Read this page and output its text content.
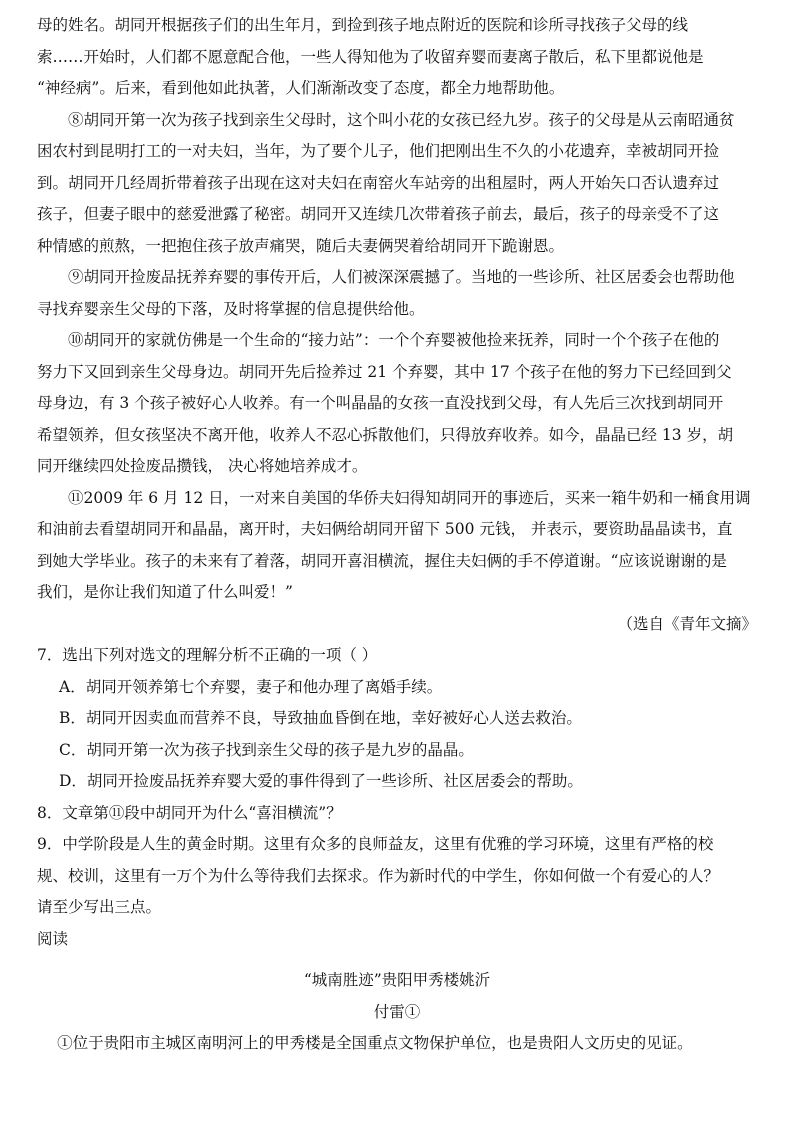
母的姓名。胡同开根据孩子们的出生年月，到捡到孩子地点附近的医院和诊所寻找孩子父母的线
索……开始时，人们都不愿意配合他，一些人得知他为了收留弃婴而妻离子散后，私下里都说他是
“神经病”。后来，看到他如此执著，人们渐渐改变了态度，都全力地帮助他。
⑧胡同开第一次为孩子找到亲生父母时，这个叫小花的女孩已经九岁。孩子的父母是从云南昭通贫
困农村到昆明打工的一对夫妇，当年，为了要个儿子，他们把刚出生不久的小花遗弃，幸被胡同开捡
到。胡同开几经周折带着孩子出现在这对夫妇在南窑火车站旁的出租屋时，两人开始矢口否认遗弃过
孩子，但妻子眼中的慈爱泄露了秘密。胡同开又连续几次带着孩子前去，最后，孩子的母亲受不了这
种情感的煎熬，一把抱住孩子放声痛哭，随后夫妻俩哭着给胡同开下跪谢恩。
⑨胡同开捡废品抚养弃婴的事传开后，人们被深深震撼了。当地的一些诊所、社区居委会也帮助他
寻找弃婴亲生父母的下落，及时将掌握的信息提供给他。
⑩胡同开的家就仿佛是一个生命的“接力站”：一个个弃婴被他捡来抚养，同时一个个孩子在他的
努力下又回到亲生父母身边。胡同开先后捡养过 21 个弃婴，其中 17 个孩子在他的努力下已经回到父
母身边，有 3 个孩子被好心人收养。有一个叫晶晶的女孩一直没找到父母，有人先后三次找到胡同开
希望领养，但女孩坚决不离开他，收养人不忍心拆散他们，只得放弃收养。如今，晶晶已经 13 岁，胡
同开继续四处捡废品攒钱， 决心将她培养成才。
⑪2009 年 6 月 12 日，一对来自美国的华侨夫妇得知胡同开的事迹后，买来一箱牛奶和一桶食用调
和油前去看望胡同开和晶晶，离开时，夫妇俩给胡同开留下 500 元钱， 并表示，要资助晶晶读书，直
到她大学毕业。孩子的未来有了着落，胡同开喜泪横流，握住夫妇俩的手不停道谢。“应该说谢谢的是
我们，是你让我们知道了什么叫爱！”
（选自《青年文摘》
7．选出下列对选文的理解分析不正确的一项（ ）
A．胡同开领养第七个弃婴，妻子和他办理了离婚手续。
B．胡同开因卖血而营养不良，导致抽血昏倒在地，幸好被好心人送去救治。
C．胡同开第一次为孩子找到亲生父母的孩子是九岁的晶晶。
D．胡同开捡废品抚养弃婴大爱的事件得到了一些诊所、社区居委会的帮助。
8．文章第⑪段中胡同开为什么“喜泪横流”？
9．中学阶段是人生的黄金时期。这里有众多的良师益友，这里有优雅的学习环境，这里有严格的校
规、校训，这里有一万个为什么等待我们去探求。作为新时代的中学生，你如何做一个有爱心的人？
请至少写出三点。
阅读
“城南胜迹”贵阳甲秀楼姚沂
付雷①
①位于贵阳市主城区南明河上的甲秀楼是全国重点文物保护单位，也是贵阳人文历史的见证。
